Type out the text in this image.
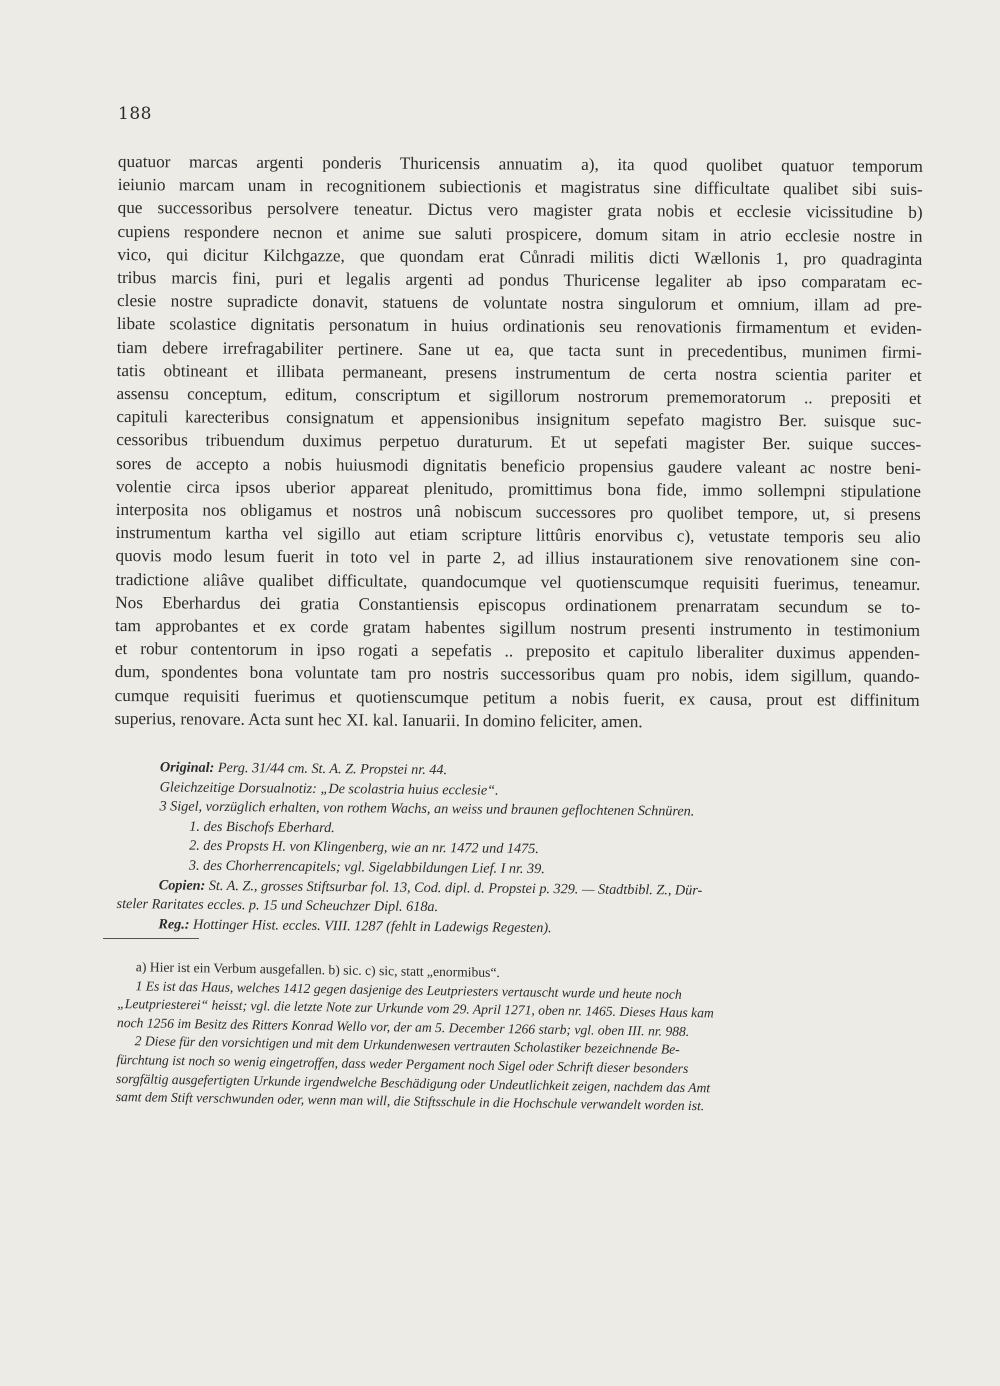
188
quatuor marcas argenti ponderis Thuricensis annuatim a), ita quod quolibet quatuor temporum
ieiunio marcam unam in recognitionem subiectionis et magistratus sine difficultate qualibet sibi suis-
que successoribus persolvere teneatur. Dictus vero magister grata nobis et ecclesie vicissitudine b)
cupiens respondere necnon et anime sue saluti prospicere, domum sitam in atrio ecclesie nostre in
vico, qui dicitur Kilchgazze, que quondam erat Cůnradi militis dicti Wællonis 1, pro quadraginta
tribus marcis fini, puri et legalis argenti ad pondus Thuricense legaliter ab ipso comparatam ec-
clesie nostre supradicte donavit, statuens de voluntate nostra singulorum et omnium, illam ad pre-
libate scolastice dignitatis personatum in huius ordinationis seu renovationis firmamentum et eviden-
tiam debere irrefragabiliter pertinere. Sane ut ea, que tacta sunt in precedentibus, munimen firmi-
tatis obtineant et illibata permaneant, presens instrumentum de certa nostra scientia pariter et
assensu conceptum, editum, conscriptum et sigillorum nostrorum prememoratorum .. prepositi et
capituli karecteribus consignatum et appensionibus insignitum sepefato magistro Ber. suisque suc-
cessoribus tribuendum duximus perpetuo duraturum. Et ut sepefati magister Ber. suique succes-
sores de accepto a nobis huiusmodi dignitatis beneficio propensius gaudere valeant ac nostre beni-
volentie circa ipsos uberior appareat plenitudo, promittimus bona fide, immo sollempni stipulatione
interposita nos obligamus et nostros unâ nobiscum successores pro quolibet tempore, ut, si presens
instrumentum kartha vel sigillo aut etiam scripture littûris enorvibus c), vetustate temporis seu alio
quovis modo lesum fuerit in toto vel in parte 2, ad illius instaurationem sive renovationem sine con-
tradictione aliâve qualibet difficultate, quandocumque vel quotienscumque requisiti fuerimus, teneamur.
Nos Eberhardus dei gratia Constantiensis episcopus ordinationem prenarratam secundum se to-
tam approbantes et ex corde gratam habentes sigillum nostrum presenti instrumento in testimonium
et robur contentorum in ipso rogati a sepefatis .. preposito et capitulo liberaliter duximus appenden-
dum, spondentes bona voluntate tam pro nostris successoribus quam pro nobis, idem sigillum, quando-
cumque requisiti fuerimus et quotienscumque petitum a nobis fuerit, ex causa, prout est diffinitum
superius, renovare. Acta sunt hec XI. kal. Ianuarii. In domino feliciter, amen.
Original: Perg. 31/44 cm. St. A. Z. Propstei nr. 44.
Gleichzeitige Dorsualnotiz: „De scolastria huius ecclesie“.
3 Sigel, vorzüglich erhalten, von rothem Wachs, an weiss und braunen geflochtenen Schnüren.
1. des Bischofs Eberhard.
2. des Propsts H. von Klingenberg, wie an nr. 1472 und 1475.
3. des Chorherrencapitels; vgl. Sigelabbildungen Lief. I nr. 39.
Copien: St. A. Z., grosses Stiftsurbar fol. 13, Cod. dipl. d. Propstei p. 329. — Stadtbibl. Z., Dür-
steler Raritates eccles. p. 15 und Scheuchzer Dipl. 618a.
Reg.: Hottinger Hist. eccles. VIII. 1287 (fehlt in Ladewigs Regesten).
a) Hier ist ein Verbum ausgefallen. b) sic. c) sic, statt „enormibus“.
1 Es ist das Haus, welches 1412 gegen dasjenige des Leutpriesters vertauscht wurde und heute noch
„Leutpriesterei“ heisst; vgl. die letzte Note zur Urkunde vom 29. April 1271, oben nr. 1465. Dieses Haus kam
noch 1256 im Besitz des Ritters Konrad Wello vor, der am 5. December 1266 starb; vgl. oben III. nr. 988.
2 Diese für den vorsichtigen und mit dem Urkundenwesen vertrauten Scholastiker bezeichnende Be-
fürchtung ist noch so wenig eingetroffen, dass weder Pergament noch Sigel oder Schrift dieser besonders
sorgfältig ausgefertigten Urkunde irgendwelche Beschädigung oder Undeutlichkeit zeigen, nachdem das Amt
samt dem Stift verschwunden oder, wenn man will, die Stiftsschule in die Hochschule verwandelt worden ist.
